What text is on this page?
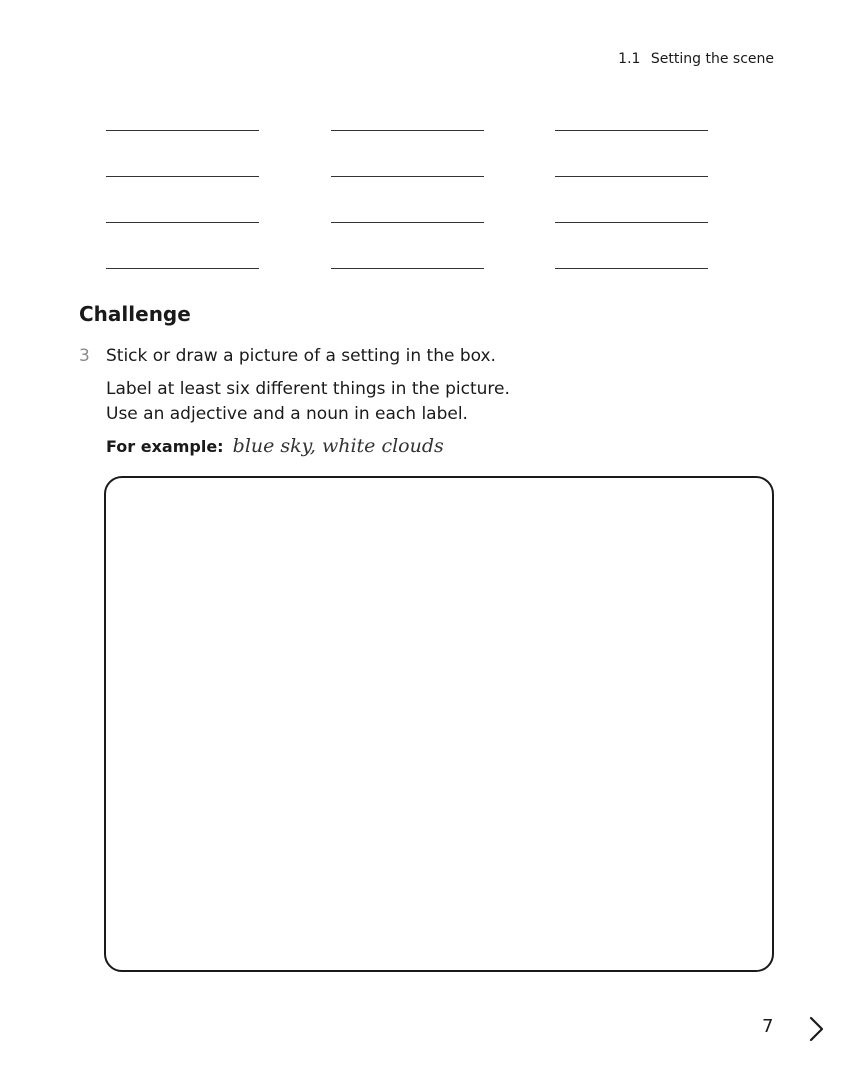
1.1 Setting the scene
Challenge
3 Stick or draw a picture of a setting in the box.
Label at least six different things in the picture.
Use an adjective and a noun in each label.
For example: blue sky, white clouds
7
